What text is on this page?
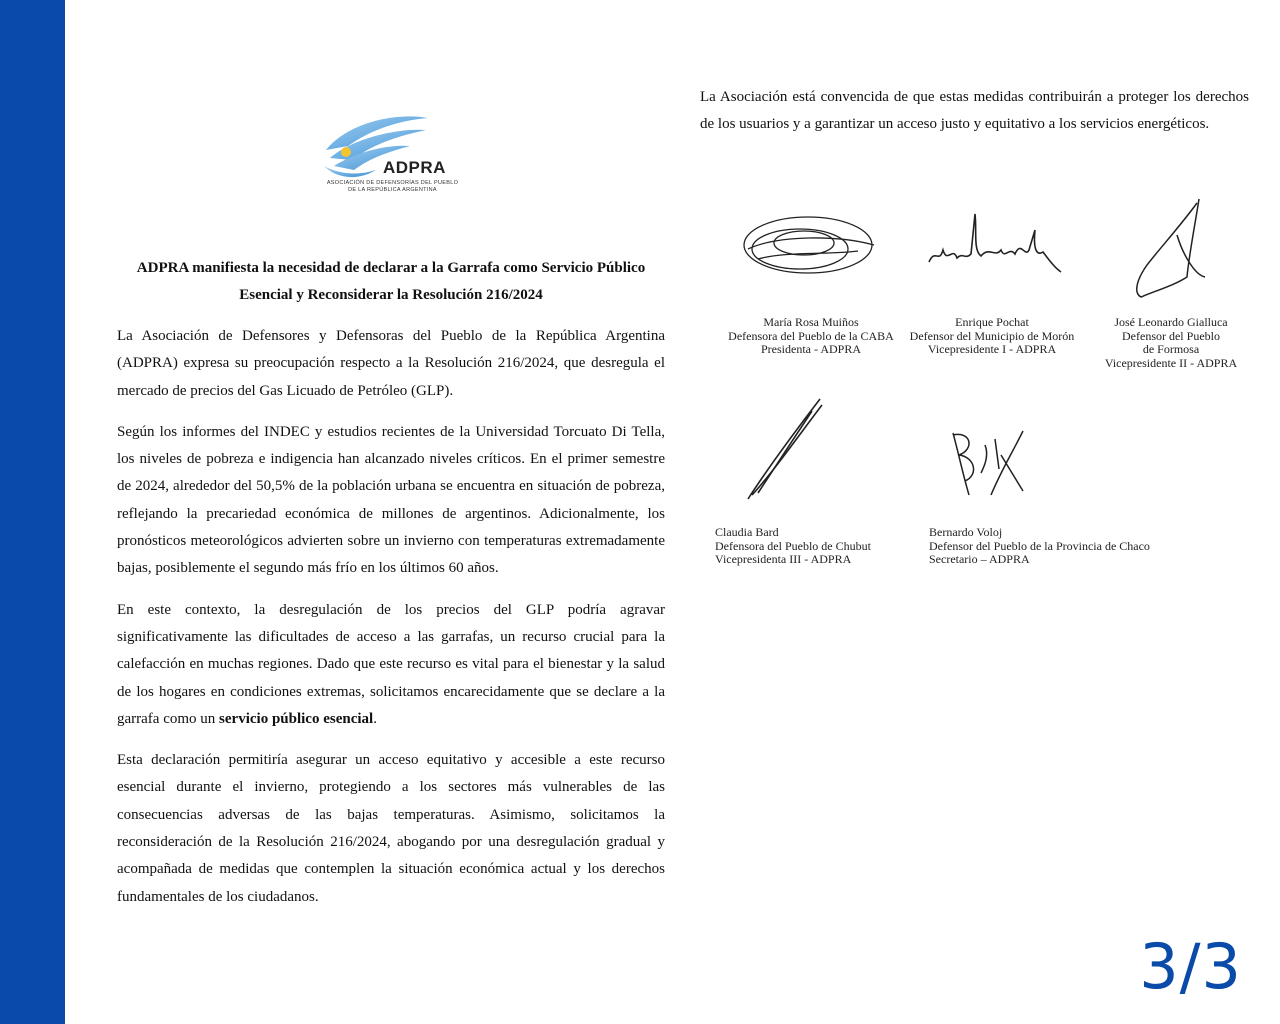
ADPRA
ASOCIACIÓN DE DEFENSORÍAS DEL PUEBLO
DE LA REPÚBLICA ARGENTINA
ADPRA manifiesta la necesidad de declarar a la Garrafa como Servicio Público
Esencial y Reconsiderar la Resolución 216/2024

La Asociación de Defensores y Defensoras del Pueblo de la República Argentina (ADPRA) expresa su preocupación respecto a la Resolución 216/2024, que desregula el mercado de precios del Gas Licuado de Petróleo (GLP).

Según los informes del INDEC y estudios recientes de la Universidad Torcuato Di Tella, los niveles de pobreza e indigencia han alcanzado niveles críticos. En el primer semestre de 2024, alrededor del 50,5% de la población urbana se encuentra en situación de pobreza, reflejando la precariedad económica de millones de argentinos. Adicionalmente, los pronósticos meteorológicos advierten sobre un invierno con temperaturas extremadamente bajas, posiblemente el segundo más frío en los últimos 60 años.

En este contexto, la desregulación de los precios del GLP podría agravar significativamente las dificultades de acceso a las garrafas, un recurso crucial para la calefacción en muchas regiones. Dado que este recurso es vital para el bienestar y la salud de los hogares en condiciones extremas, solicitamos encarecidamente que se declare a la garrafa como un servicio público esencial.

Esta declaración permitiría asegurar un acceso equitativo y accesible a este recurso esencial durante el invierno, protegiendo a los sectores más vulnerables de las consecuencias adversas de las bajas temperaturas. Asimismo, solicitamos la reconsideración de la Resolución 216/2024, abogando por una desregulación gradual y acompañada de medidas que contemplen la situación económica actual y los derechos fundamentales de los ciudadanos.

La Asociación está convencida de que estas medidas contribuirán a proteger los derechos de los usuarios y a garantizar un acceso justo y equitativo a los servicios energéticos.

María Rosa Muiños
Defensora del Pueblo de la CABA
Presidenta - ADPRA
Enrique Pochat
Defensor del Municipio de Morón
Vicepresidente I - ADPRA
José Leonardo Gialluca
Defensor del Pueblo
de Formosa
Vicepresidente II - ADPRA
Claudia Bard
Defensora del Pueblo de Chubut
Vicepresidenta III - ADPRA
Bernardo Voloj
Defensor del Pueblo de la Provincia de Chaco
Secretario – ADPRA
3/3
